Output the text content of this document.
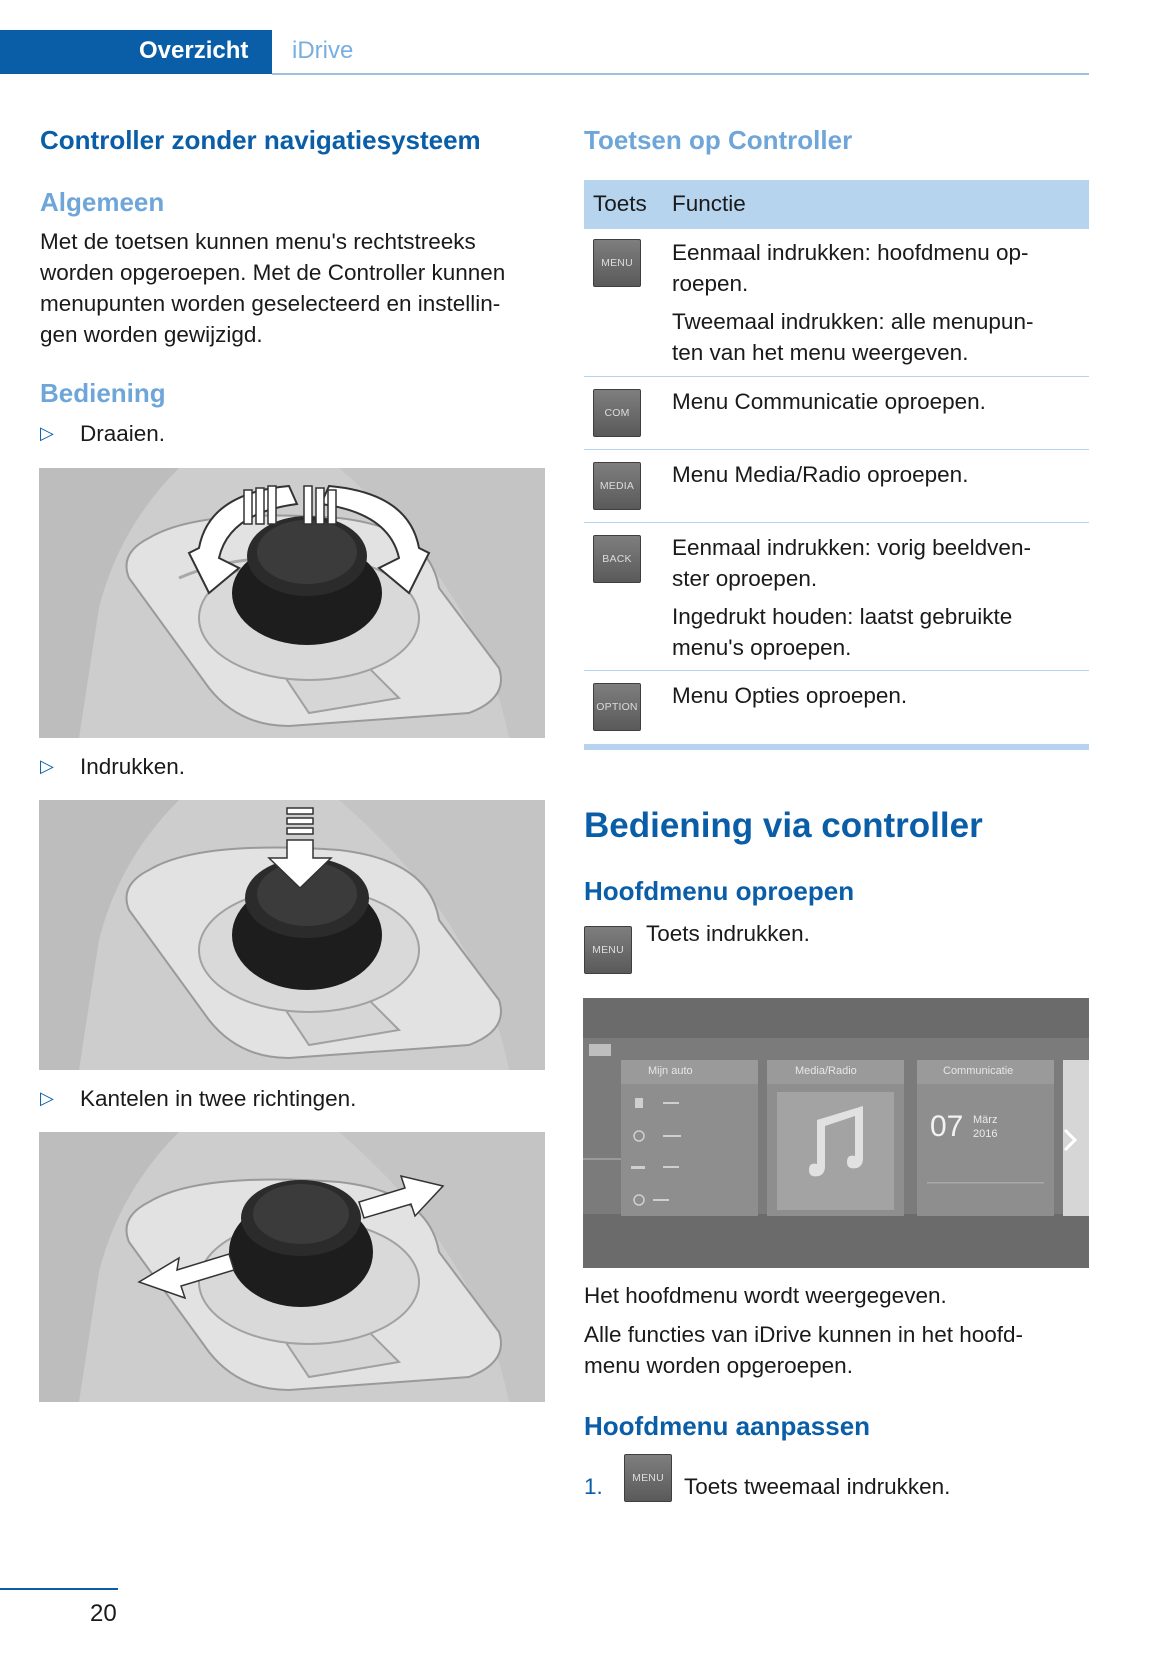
Overzicht iDrive
Controller zonder navigatiesysteem
Algemeen
Met de toetsen kunnen menu's rechtstreeks
worden opgeroepen. Met de Controller kunnen
menupunten worden geselecteerd en instellin-
gen worden gewijzigd.
Bediening
▷ Draaien.
▷ Indrukken.
▷ Kantelen in twee richtingen.
Toetsen op Controller
Toets Functie
MENU	Eenmaal indrukken: hoofdmenu op-
roepen.

Tweemaal indrukken: alle menupun-
ten van het menu weergeven.

COM	Menu Communicatie oproepen.
MEDIA	Menu Media/Radio oproepen.
BACK	Eenmaal indrukken: vorig beeldven-
ster oproepen.

Ingedrukt houden: laatst gebruikte
menu's oproepen.

OPTION Menu Opties oproepen.
Bediening via controller
Hoofdmenu oproepen
MENU
Toets indrukken.
Mijn auto	Media/Radio	Communicatie
07 März
2016
Het hoofdmenu wordt weergegeven.
Alle functies van iDrive kunnen in het hoofd-
menu worden opgeroepen.
Hoofdmenu aanpassen
1.	MENU Toets tweemaal indrukken.
20
